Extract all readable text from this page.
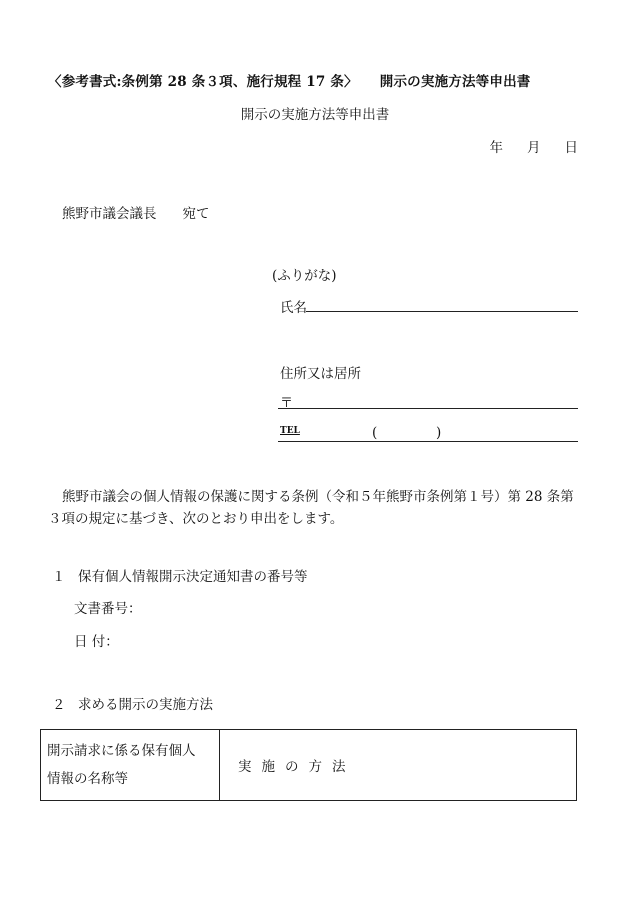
〈参考書式:条例第 28 条３項、施行規程 17 条〉 開示の実施方法等申出書
開示の実施方法等申出書
年 月 日
熊野市議会議長 宛て
(ふりがな)
氏名
住所又は居所
〒
TEL	(	)
熊野市議会の個人情報の保護に関する条例（令和５年熊野市条例第１号）第 28 条第３項の規定に基づき、次のとおり申出をします。
１ 保有個人情報開示決定通知書の番号等
文書番号：
日 付：
２ 求める開示の実施方法
開示請求に係る保有個人
情報の名称等
	実施の方法
